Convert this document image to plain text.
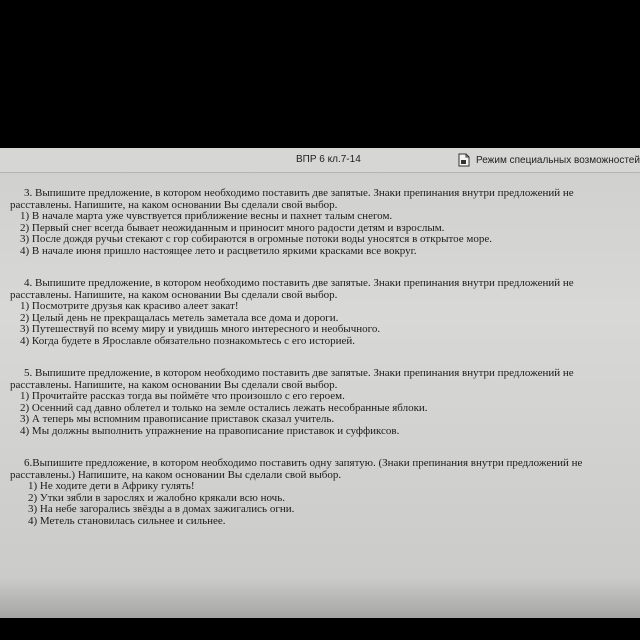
ВПР 6 кл.7-14	Режим специальных возможностей

3. Выпишите предложение, в котором необходимо поставить две запятые. Знаки препинания внутри предложений не расставлены. Напишите, на каком основании Вы сделали свой выбор.

1) В начале марта уже чувствуется приближение весны и пахнет талым снегом.
2) Первый снег всегда бывает неожиданным и приносит много радости детям и взрослым.
3) После дождя ручьи стекают с гор собираются в огромные потоки воды уносятся в открытое море.
4) В начале июня пришло настоящее лето и расцветило яркими красками все вокруг.

4. Выпишите предложение, в котором необходимо поставить две запятые. Знаки препинания внутри предложений не расставлены. Напишите, на каком основании Вы сделали свой выбор.

1) Посмотрите друзья как красиво алеет закат!
2) Целый день не прекращалась метель заметала все дома и дороги.
3) Путешествуй по всему миру и увидишь много интересного и необычного.
4) Когда будете в Ярославле обязательно познакомьтесь с его историей.

5. Выпишите предложение, в котором необходимо поставить две запятые. Знаки препинания внутри предложений не расставлены. Напишите, на каком основании Вы сделали свой выбор.

1) Прочитайте рассказ тогда вы поймёте что произошло с его героем.
2) Осенний сад давно облетел и только на земле остались лежать несобранные яблоки.
3) А теперь мы вспомним правописание приставок сказал учитель.
4) Мы должны выполнить упражнение на правописание приставок и суффиксов.

6.Выпишите предложение, в котором необходимо поставить одну запятую. (Знаки препинания внутри предложений не расставлены.) Напишите, на каком основании Вы сделали свой выбор.

1) Не ходите дети в Африку гулять!
2) Утки зябли в зарослях и жалобно крякали всю ночь.
3) На небе загорались звёзды а в домах зажигались огни.
4) Метель становилась сильнее и сильнее.
